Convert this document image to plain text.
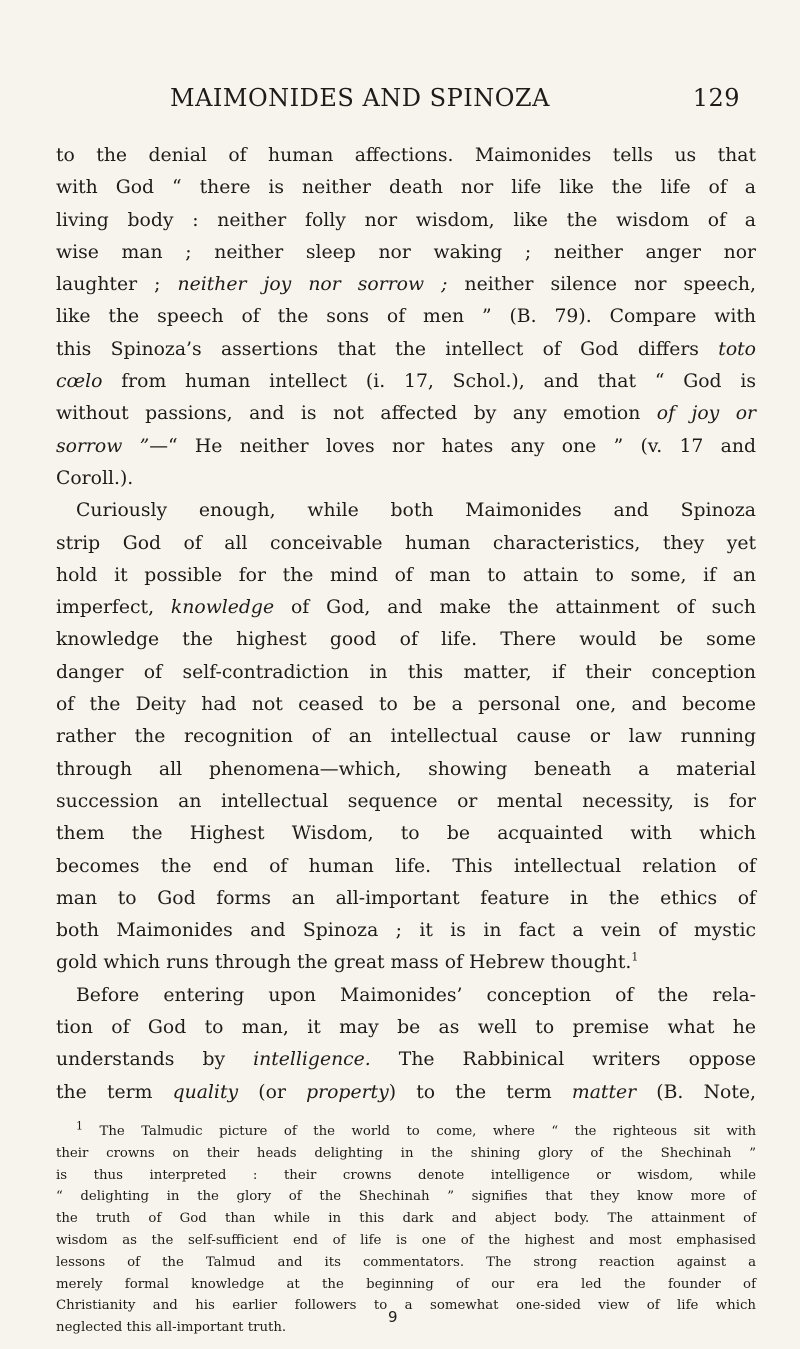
MAIMONIDES AND SPINOZA	129
to the denial of human affections. Maimonides tells us that
with God “ there is neither death nor life like the life of a
living body : neither folly nor wisdom, like the wisdom of a
wise man ; neither sleep nor waking ; neither anger nor
laughter ; neither joy nor sorrow ; neither silence nor speech,
like the speech of the sons of men ” (B. 79). Compare with
this Spinoza’s assertions that the intellect of God differs toto
cœlo from human intellect (i. 17, Schol.), and that “ God is
without passions, and is not affected by any emotion of joy or
sorrow ”—“ He neither loves nor hates any one ” (v. 17 and
Coroll.).
Curiously enough, while both Maimonides and Spinoza
strip God of all conceivable human characteristics, they yet
hold it possible for the mind of man to attain to some, if an
imperfect, knowledge of God, and make the attainment of such
knowledge the highest good of life. There would be some
danger of self-contradiction in this matter, if their conception
of the Deity had not ceased to be a personal one, and become
rather the recognition of an intellectual cause or law running
through all phenomena—which, showing beneath a material
succession an intellectual sequence or mental necessity, is for
them the Highest Wisdom, to be acquainted with which
becomes the end of human life. This intellectual relation of
man to God forms an all-important feature in the ethics of
both Maimonides and Spinoza ; it is in fact a vein of mystic
gold which runs through the great mass of Hebrew thought.$^1$
Before entering upon Maimonides’ conception of the rela-
tion of God to man, it may be as well to premise what he
understands by intelligence. The Rabbinical writers oppose
the term quality (or property) to the term matter (B. Note,
$^1$ The Talmudic picture of the world to come, where “ the righteous sit with
their crowns on their heads delighting in the shining glory of the Shechinah ”
is thus interpreted : their crowns denote intelligence or wisdom, while
“ delighting in the glory of the Shechinah ” signifies that they know more of
the truth of God than while in this dark and abject body. The attainment of
wisdom as the self-sufficient end of life is one of the highest and most emphasised
lessons of the Talmud and its commentators. The strong reaction against a
merely formal knowledge at the beginning of our era led the founder of
Christianity and his earlier followers to a somewhat one-sided view of life which
neglected this all-important truth.
9
